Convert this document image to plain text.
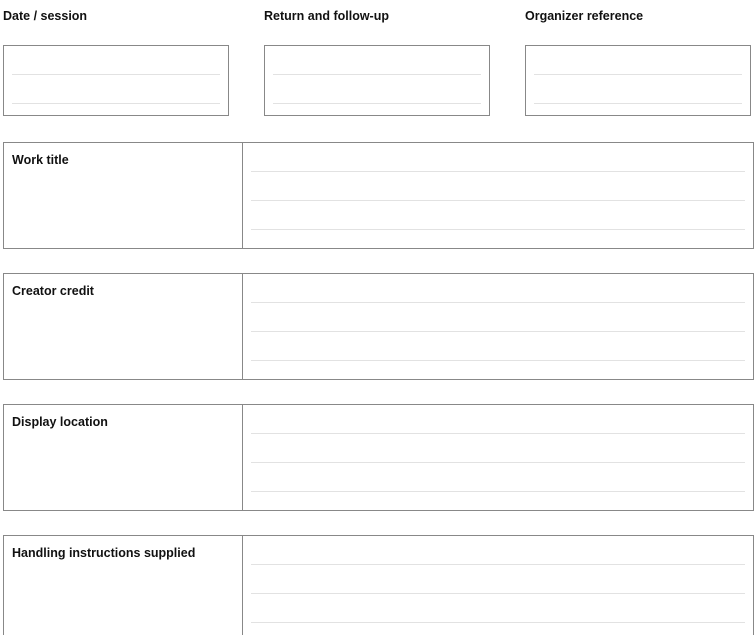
Date / session	Return and follow-up	Organizer reference
Work title
Creator credit
Display location
Handling instructions supplied
